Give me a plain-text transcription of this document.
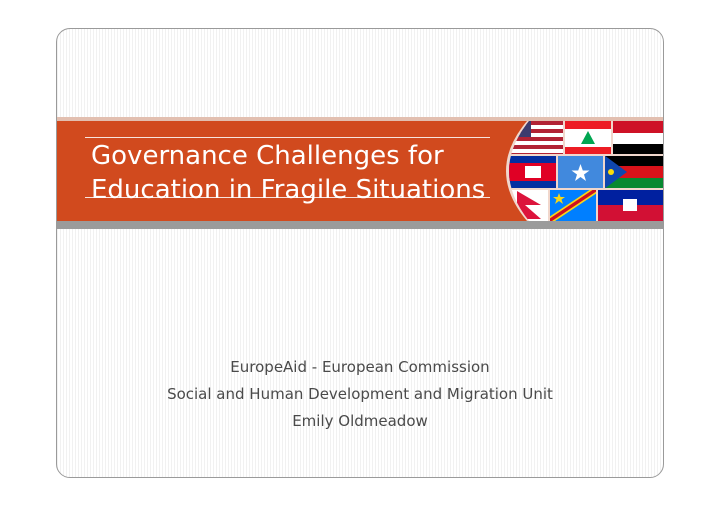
Governance Challenges for
Education in Fragile Situations
EuropeAid - European Commission
Social and Human Development and Migration Unit
Emily Oldmeadow
